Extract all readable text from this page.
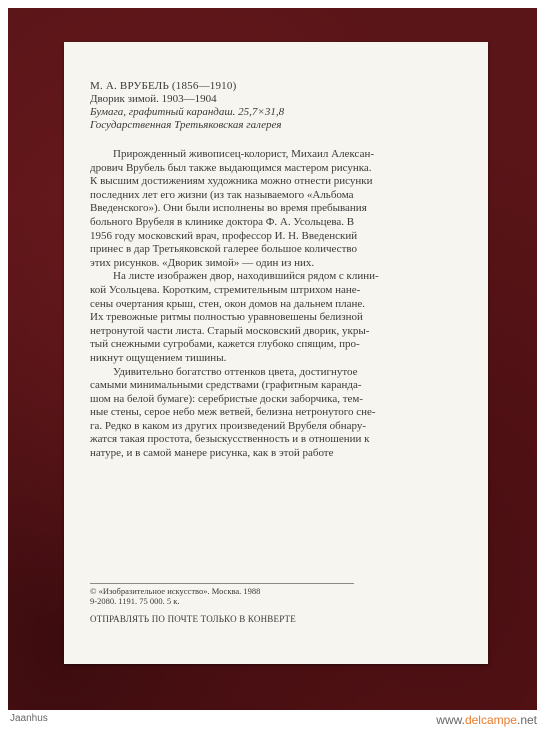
М. А. ВРУБЕЛЬ (1856—1910)
Дворик зимой. 1903—1904
Бумага, графитный карандаш. 25,7×31,8
Государственная Третьяковская галерея
Прирожденный живописец-колорист, Михаил Алексан-
дрович Врубель был также выдающимся мастером рисунка.
К высшим достижениям художника можно отнести рисунки
последних лет его жизни (из так называемого «Альбома
Введенского»). Они были исполнены во время пребывания
больного Врубеля в клинике доктора Ф. А. Усольцева. В
1956 году московский врач, профессор И. Н. Введенский
принес в дар Третьяковской галерее большое количество
этих рисунков. «Дворик зимой» — один из них.
На листе изображен двор, находившийся рядом с клини-
кой Усольцева. Коротким, стремительным штрихом нане-
сены очертания крыш, стен, окон домов на дальнем плане.
Их тревожные ритмы полностью уравновешены белизной
нетронутой части листа. Старый московский дворик, укры-
тый снежными сугробами, кажется глубоко спящим, про-
никнут ощущением тишины.
Удивительно богатство оттенков цвета, достигнутое
самыми минимальными средствами (графитным карандa-
шом на белой бумаге): серебристые доски заборчика, тем-
ные стены, серое небо меж ветвей, белизна нетронутого сне-
га. Редко в каком из других произведений Врубеля обнару-
жатся такая простота, безыскусственность и в отношении к
натуре, и в самой манере рисунка, как в этой работе
© «Изобразительное искусство». Москва. 1988
9-2080. 1191. 75 000. 5 к.
ОТПРАВЛЯТЬ ПО ПОЧТЕ ТОЛЬКО В КОНВЕРТЕ
Jaanhus	www.delcampe.net
